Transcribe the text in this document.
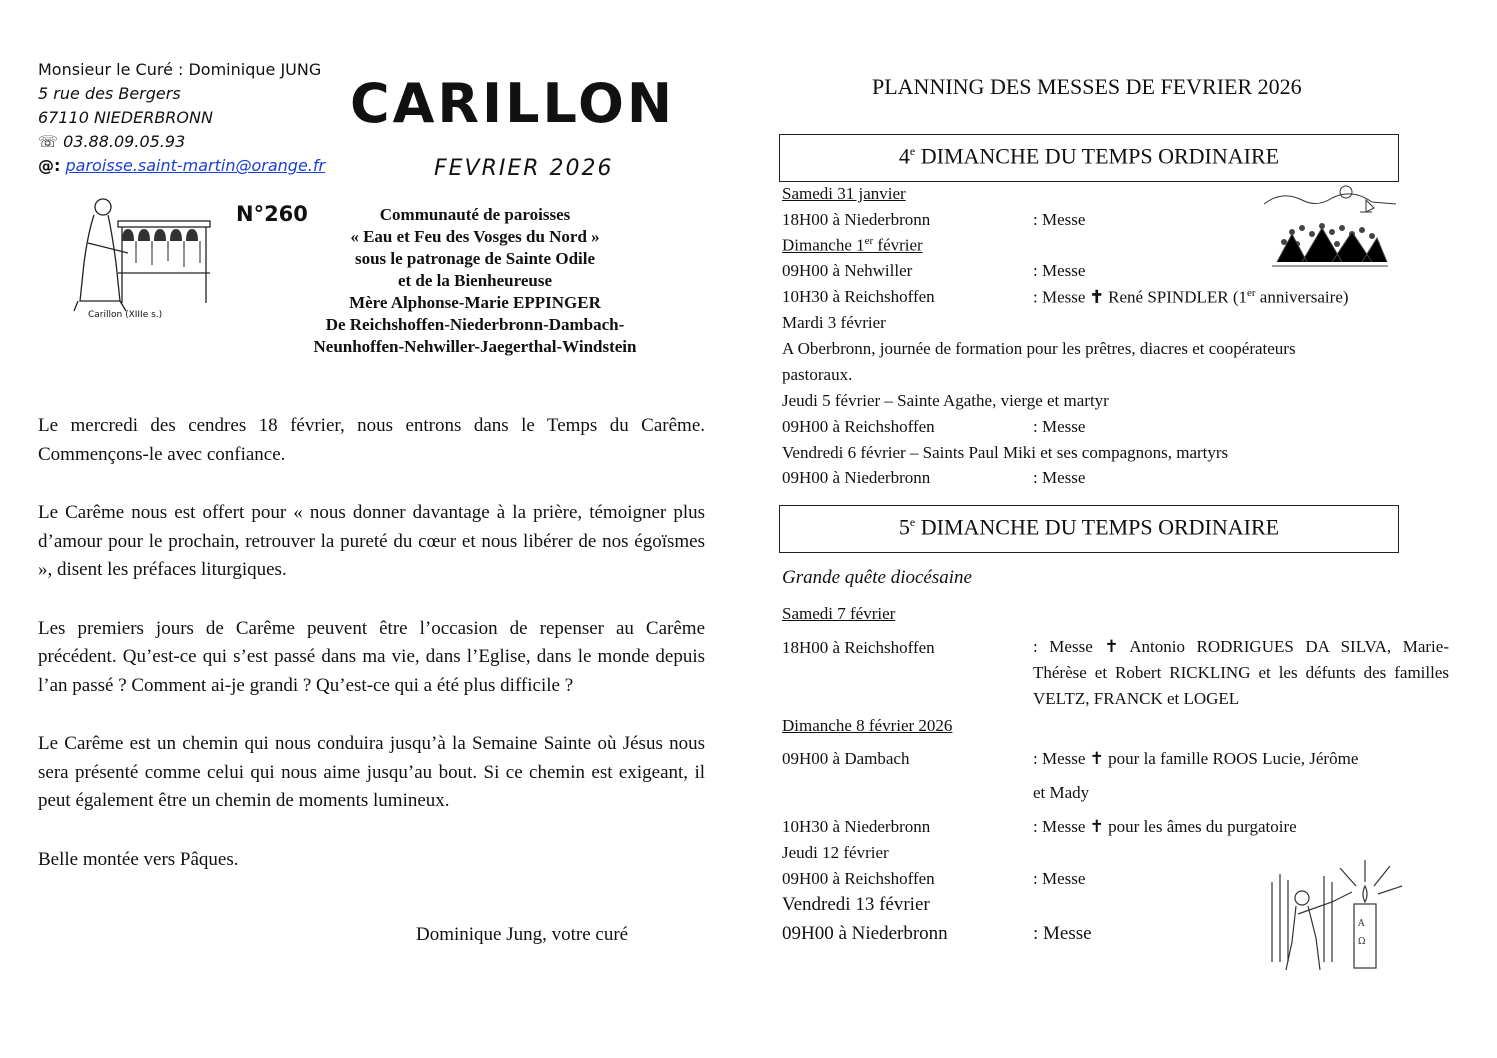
Monsieur le Curé : Dominique JUNG
5 rue des Bergers
67110 NIEDERBRONN
☏ 03.88.09.05.93
@: paroisse.saint-martin@orange.fr
CARILLON
FEVRIER 2026
Carillon (XIIIe s.)
N°260	Communauté de paroisses
« Eau et Feu des Vosges du Nord »
sous le patronage de Sainte Odile
et de la Bienheureuse
Mère Alphonse-Marie EPPINGER
De Reichshoffen-Niederbronn-Dambach-
Neunhoffen-Nehwiller-Jaegerthal-Windstein

Le mercredi des cendres 18 février, nous entrons dans le Temps du Carême. Commençons-le avec confiance.

Le Carême nous est offert pour « nous donner davantage à la prière, témoigner plus d’amour pour le prochain, retrouver la pureté du cœur et nous libérer de nos égoïsmes », disent les préfaces liturgiques.

Les premiers jours de Carême peuvent être l’occasion de repenser au Carême précédent. Qu’est-ce qui s’est passé dans ma vie, dans l’Eglise, dans le monde depuis l’an passé ? Comment ai-je grandi ? Qu’est-ce qui a été plus difficile ?

Le Carême est un chemin qui nous conduira jusqu’à la Semaine Sainte où Jésus nous sera présenté comme celui qui nous aime jusqu’au bout. Si ce chemin est exigeant, il peut également être un chemin de moments lumineux.

Belle montée vers Pâques.

Dominique Jung, votre curé
PLANNING DES MESSES DE FEVRIER 2026
4e DIMANCHE DU TEMPS ORDINAIRE
Samedi 31 janvier
18H00 à Niederbronn	: Messe
Dimanche 1er février
09H00 à Nehwiller	: Messe
10H30 à Reichshoffen	: Messe ✝ René SPINDLER (1er anniversaire)
Mardi 3 février
A Oberbronn, journée de formation pour les prêtres, diacres et coopérateurs
pastoraux.
Jeudi 5 février – Sainte Agathe, vierge et martyr
09H00 à Reichshoffen	: Messe
Vendredi 6 février – Saints Paul Miki et ses compagnons, martyrs
09H00 à Niederbronn	: Messe
5e DIMANCHE DU TEMPS ORDINAIRE
Grande quête diocésaine
Samedi 7 février
18H00 à Reichshoffen	: Messe ✝ Antonio RODRIGUES DA SILVA, Marie-Thérèse et Robert RICKLING et les défunts des familles VELTZ, FRANCK et LOGEL
Dimanche 8 février 2026
09H00 à Dambach	: Messe ✝ pour la famille ROOS Lucie, Jérôme
et Mady
10H30 à Niederbronn	: Messe ✝ pour les âmes du purgatoire
Jeudi 12 février
09H00 à Reichshoffen	: Messe
Vendredi 13 février
09H00 à Niederbronn	: Messe	A
Ω
